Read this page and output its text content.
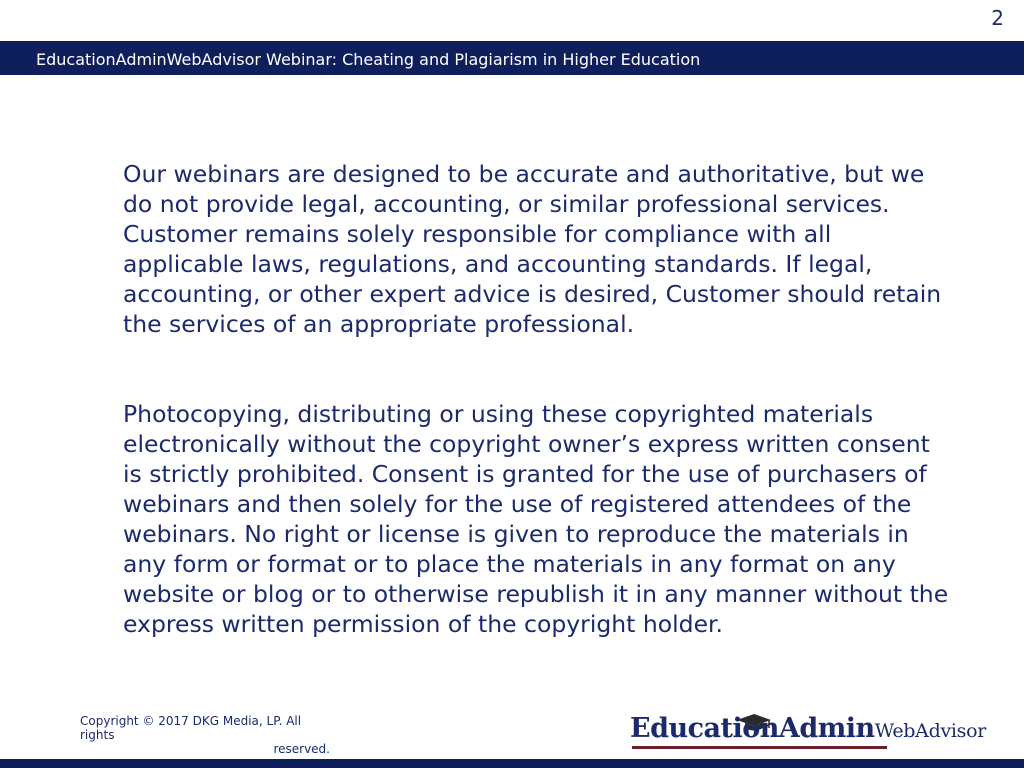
2
EducationAdminWebAdvisor Webinar: Cheating and Plagiarism in Higher Education

Our webinars are designed to be accurate and authoritative, but we do not provide legal, accounting, or similar professional services. Customer remains solely responsible for compliance with all applicable laws, regulations, and accounting standards. If legal, accounting, or other expert advice is desired, Customer should retain the services of an appropriate professional.

Photocopying, distributing or using these copyrighted materials electronically without the copyright owner’s express written consent is strictly prohibited. Consent is granted for the use of purchasers of webinars and then solely for the use of registered attendees of the webinars. No right or license is given to reproduce the materials in any form or format or to place the materials in any format on any website or blog or to otherwise republish it in any manner without the express written permission of the copyright holder.

Copyright © 2017 DKG Media, LP. All rights
reserved.
EducationAdminWebAdvisor
